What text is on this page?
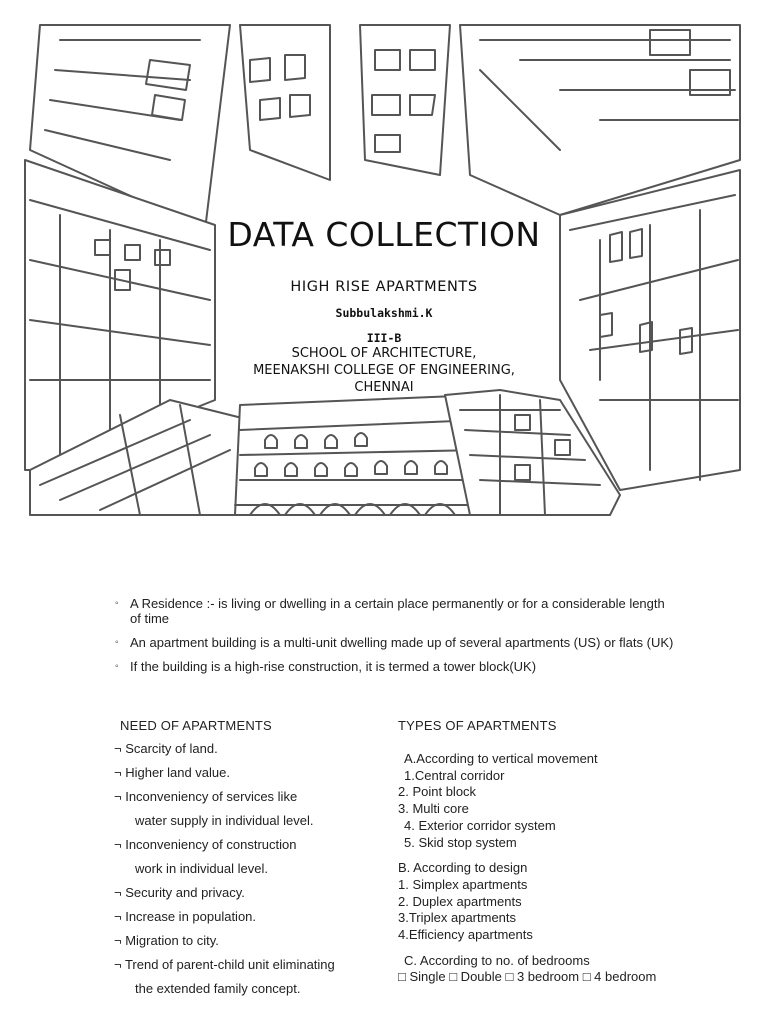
DATA COLLECTION
HIGH RISE APARTMENTS
Subbulakshmi.K
III-B
SCHOOL OF ARCHITECTURE,
MEENAKSHI COLLEGE OF ENGINEERING,
CHENNAI
◦ A Residence :- is living or dwelling in a certain place permanently or for a considerable length of time
◦ An apartment building is a multi-unit dwelling made up of several apartments (US) or flats (UK)
◦ If the building is a high-rise construction, it is termed a tower block(UK)
NEED OF APARTMENTS
¬ Scarcity of land.
¬ Higher land value.
¬ Inconveniency of services like
water supply in individual level.
¬ Inconveniency of construction
work in individual level.
¬ Security and privacy.
¬ Increase in population.
¬ Migration to city.
¬ Trend of parent-child unit eliminating
the extended family concept.
TYPES OF APARTMENTS
A.According to vertical movement
1.Central corridor
2. Point block
3. Multi core
4. Exterior corridor system
5. Skid stop system
B. According to design
1. Simplex apartments
2. Duplex apartments
3.Triplex apartments
4.Efficiency apartments
C. According to no. of bedrooms
□ Single □ Double □ 3 bedroom □ 4 bedroom
